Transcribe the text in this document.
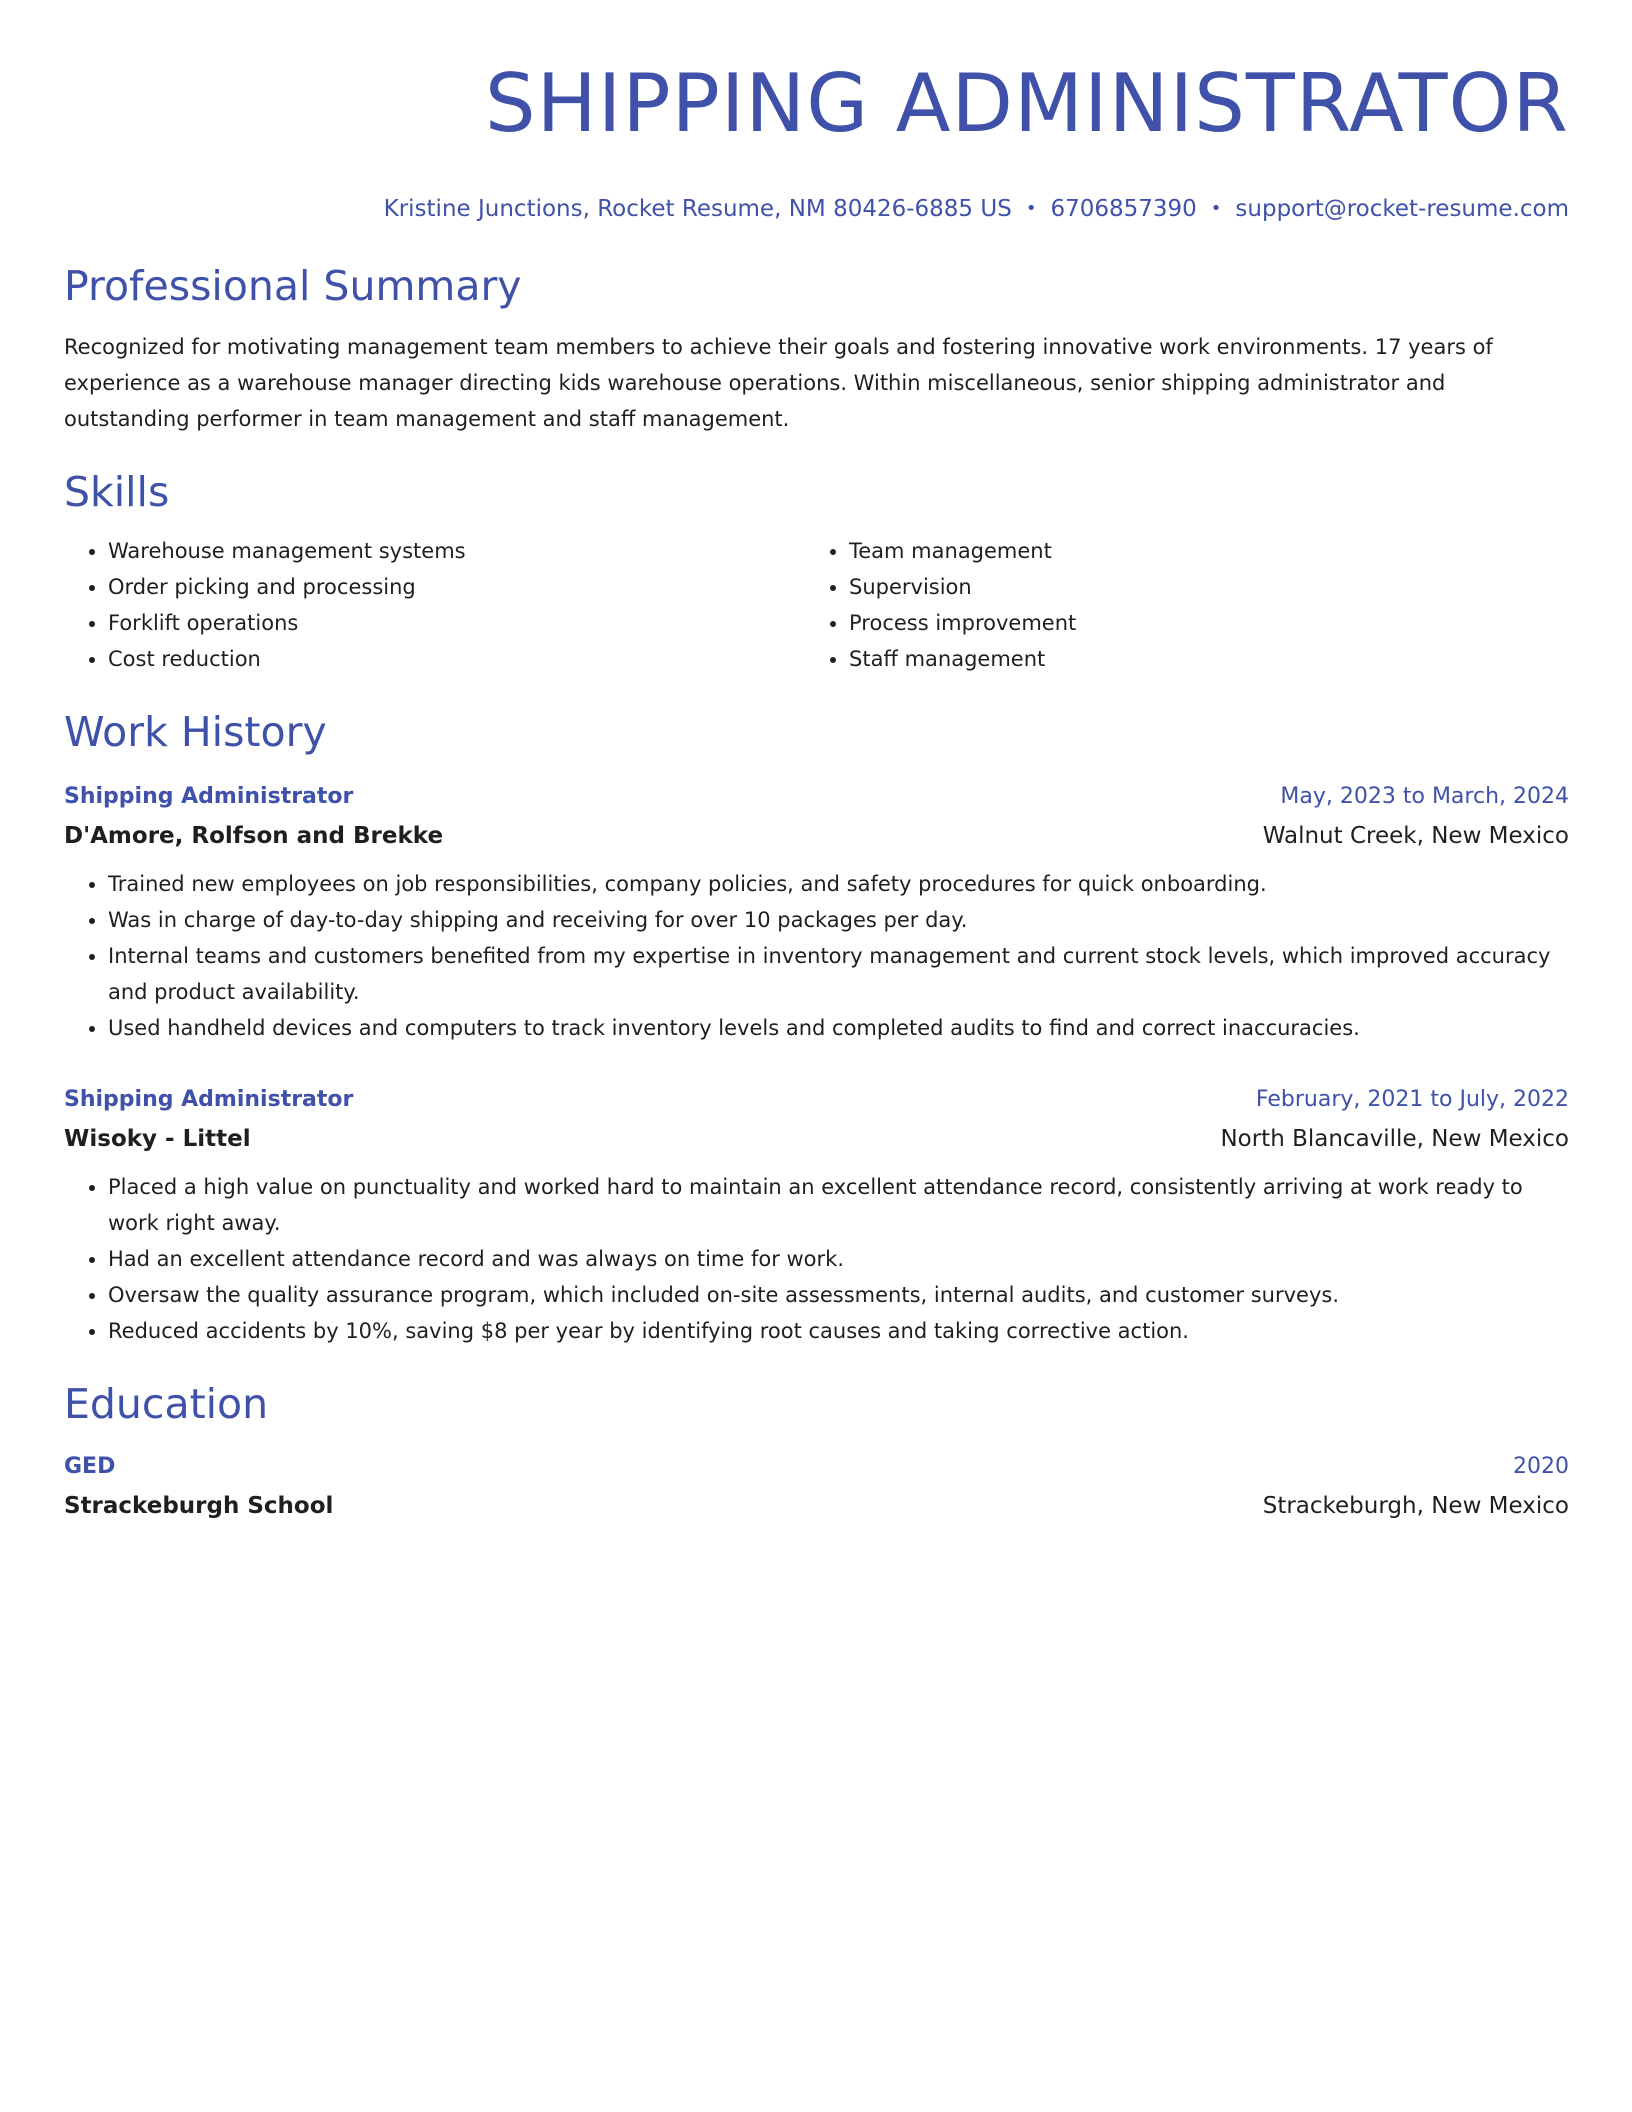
SHIPPING ADMINISTRATOR
Kristine Junctions, Rocket Resume, NM 80426-6885 US • 6706857390 • support@rocket-resume.com
Professional Summary
Recognized for motivating management team members to achieve their goals and fostering innovative work environments. 17 years of experience as a warehouse manager directing kids warehouse operations. Within miscellaneous, senior shipping administrator and outstanding performer in team management and staff management.
Skills
• Warehouse management systems
• Order picking and processing
• Forklift operations
• Cost reduction
• Team management
• Supervision
• Process improvement
• Staff management
Work History
Shipping Administrator	May, 2023 to March, 2024
D'Amore, Rolfson and Brekke	Walnut Creek, New Mexico
• Trained new employees on job responsibilities, company policies, and safety procedures for quick onboarding.
• Was in charge of day-to-day shipping and receiving for over 10 packages per day.
• Internal teams and customers benefited from my expertise in inventory management and current stock levels, which improved accuracy and product availability.
• Used handheld devices and computers to track inventory levels and completed audits to find and correct inaccuracies.
Shipping Administrator	February, 2021 to July, 2022
Wisoky - Littel	North Blancaville, New Mexico
• Placed a high value on punctuality and worked hard to maintain an excellent attendance record, consistently arriving at work ready to work right away.
• Had an excellent attendance record and was always on time for work.
• Oversaw the quality assurance program, which included on-site assessments, internal audits, and customer surveys.
• Reduced accidents by 10%, saving $8 per year by identifying root causes and taking corrective action.
Education
GED	2020
Strackeburgh School	Strackeburgh, New Mexico
